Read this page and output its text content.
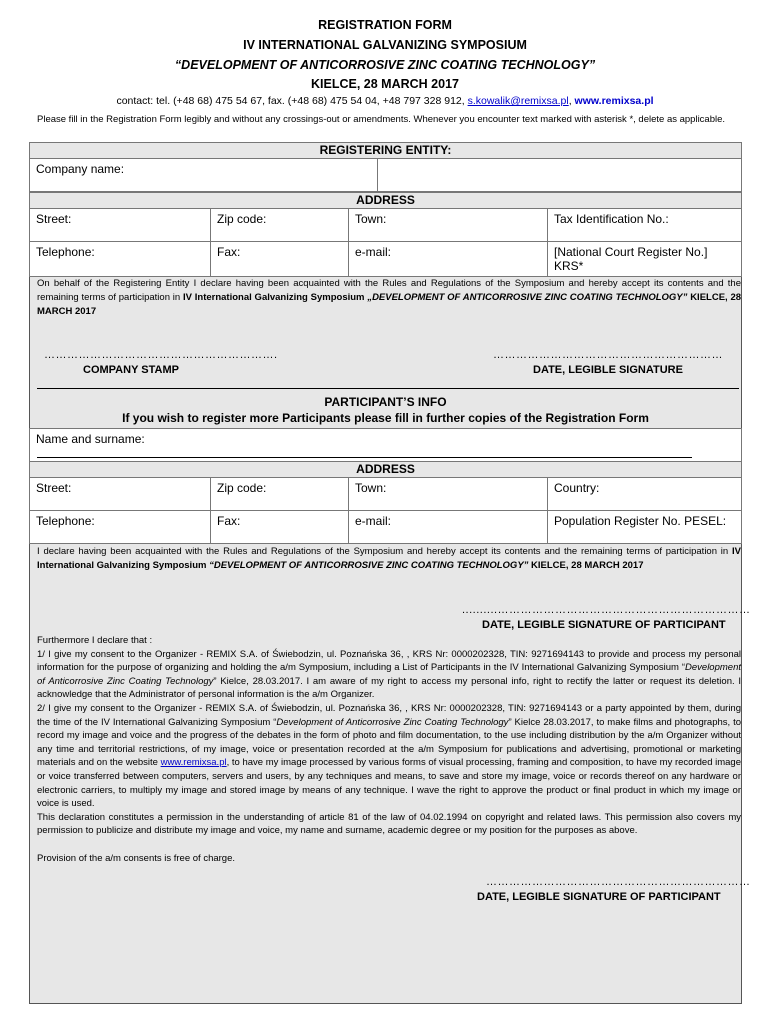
REGISTRATION FORM
IV INTERNATIONAL GALVANIZING SYMPOSIUM
“DEVELOPMENT OF ANTICORROSIVE ZINC COATING TECHNOLOGY”
KIELCE, 28 MARCH 2017
contact: tel. (+48 68) 475 54 67, fax. (+48 68) 475 54 04, +48 797 328 912, s.kowalik@remixsa.pl, www.remixsa.pl
Please fill in the Registration Form legibly and without any crossings-out or amendments. Whenever you encounter text marked with asterisk *, delete as applicable.
REGISTERING ENTITY:
Company name:
ADDRESS
Street:	Zip code:	Town:	Tax Identification No.:
Telephone:	Fax:	e-mail:	[National Court Register No.] KRS*
On behalf of the Registering Entity I declare having been acquainted with the Rules and Regulations of the Symposium and hereby accept its contents and the remaining terms of participation in IV International Galvanizing Symposium „DEVELOPMENT OF ANTICORROSIVE ZINC COATING TECHNOLOGY” KIELCE, 28 MARCH 2017
…………………………………………………….	……………………………………………………
COMPANY STAMP	DATE, LEGIBLE SIGNATURE
PARTICIPANT’S INFO
If you wish to register more Participants please fill in further copies of the Registration Form
Name and surname:
ADDRESS
Street:	Zip code:	Town:	Country:
Telephone:	Fax:	e-mail:	Population Register No. PESEL:
I declare having been acquainted with the Rules and Regulations of the Symposium and hereby accept its contents and the remaining terms of participation in IV International Galvanizing Symposium “DEVELOPMENT OF ANTICORROSIVE ZINC COATING TECHNOLOGY” KIELCE, 28 MARCH 2017
..........…………………………………………………………
DATE, LEGIBLE SIGNATURE OF PARTICIPANT

Furthermore I declare that :

1/ I give my consent to the Organizer - REMIX S.A. of Świebodzin, ul. Poznańska 36, , KRS Nr: 0000202328, TIN: 9271694143 to provide and process my personal information for the purpose of organizing and holding the a/m Symposium, including a List of Participants in the IV International Galvanizing Symposium “Development of Anticorrosive Zinc Coating Technology” Kielce, 28.03.2017. I am aware of my right to access my personal info, right to rectify the latter or request its deletion. I acknowledge that the Administrator of personal information is the a/m Organizer.

2/ I give my consent to the Organizer - REMIX S.A. of Świebodzin, ul. Poznańska 36, , KRS Nr: 0000202328, TIN: 9271694143 or a party appointed by them, during the time of the IV International Galvanizing Symposium “Development of Anticorrosive Zinc Coating Technology” Kielce 28.03.2017, to make films and photographs, to record my image and voice and the progress of the debates in the form of photo and film documentation, to the use including distribution by the a/m Organizer without any time and territorial restrictions, of my image, voice or presentation recorded at the a/m Symposium for publications and advertising, promotional or marketing materials and on the website www.remixsa.pl, to have my image processed by various forms of visual processing, framing and composition, to have my recorded image or voice transferred between computers, servers and users, by any techniques and means, to save and store my image, voice or records thereof on any hardware or electronic carriers, to multiply my image and stored image by means of any technique. I wave the right to approve the product or final product in which my image or voice is used.

This declaration constitutes a permission in the understanding of article 81 of the law of 04.02.1994 on copyright and related laws. This permission also covers my permission to publicize and distribute my image and voice, my name and surname, academic degree or my position for the purposes as above.

Provision of the a/m consents is free of charge.

……………………………………………………………
DATE, LEGIBLE SIGNATURE OF PARTICIPANT
